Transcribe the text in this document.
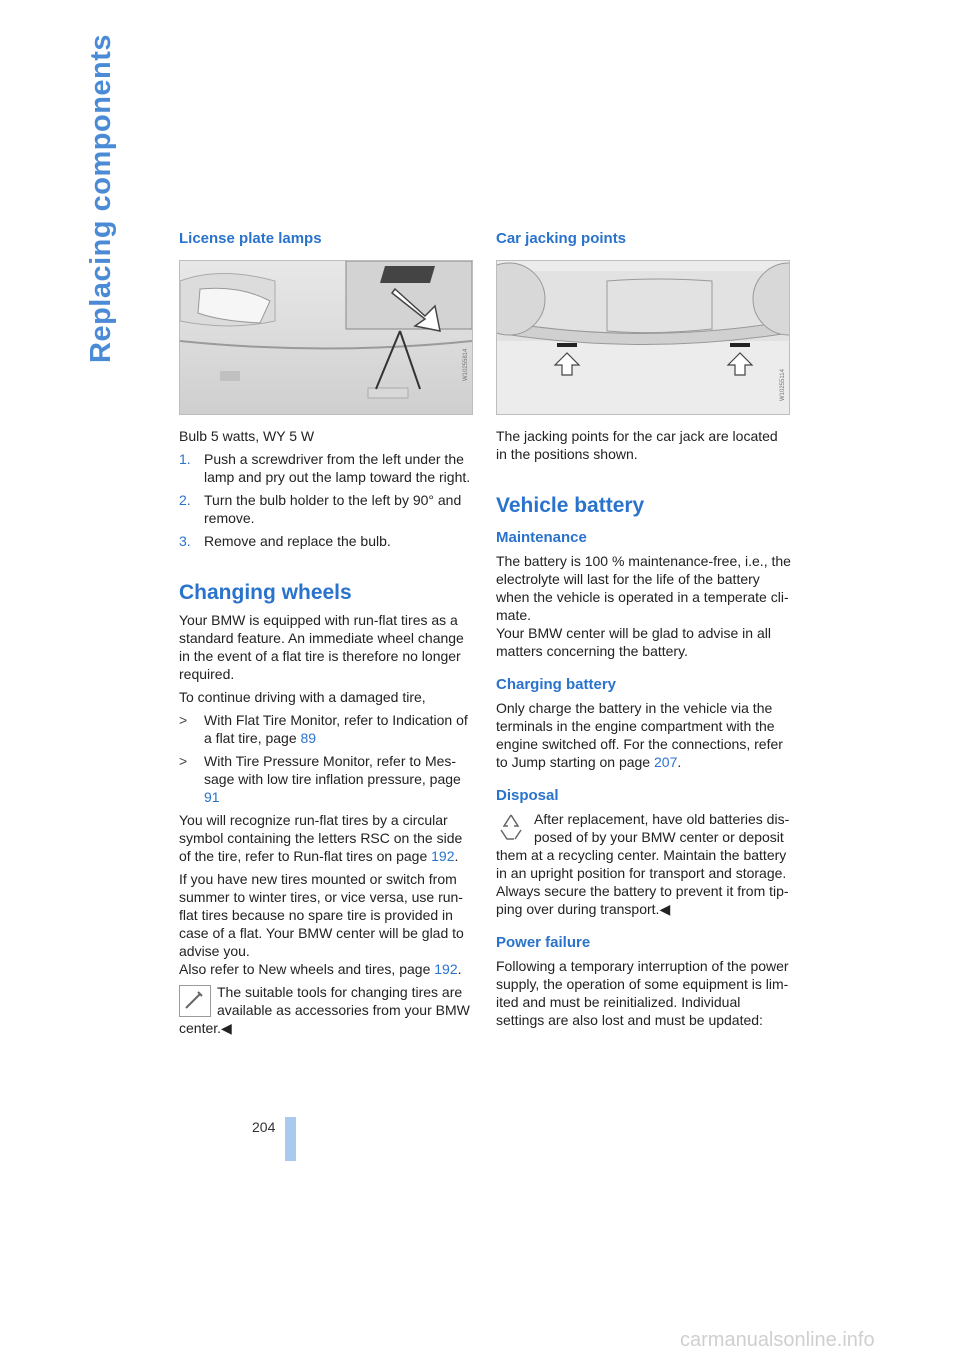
Replacing components	License plate lamps
W10255814

Bulb 5 watts, WY 5 W

1. Push a screwdriver from the left under the lamp and pry out the lamp toward the right.
2. Turn the bulb holder to the left by 90° and remove.
3. Remove and replace the bulb.
Changing wheels

Your BMW is equipped with run-flat tires as a standard feature. An immediate wheel change in the event of a flat tire is therefore no longer required.

To continue driving with a damaged tire,

> With Flat Tire Monitor, refer to Indication of a flat tire, page 89
> With Tire Pressure Monitor, refer to Message with low tire inflation pressure, page 91

You will recognize run-flat tires by a circular symbol containing the letters RSC on the side of the tire, refer to Run-flat tires on page 192.

If you have new tires mounted or switch from summer to winter tires, or vice versa, use run-flat tires because no spare tire is provided in case of a flat. Your BMW center will be glad to advise you.

Also refer to New wheels and tires, page 192.

The suitable tools for changing tires are available as accessories from your BMW center.◀
Car jacking points
W10255114

The jacking points for the car jack are located in the positions shown.

Vehicle battery
Maintenance

The battery is 100 % maintenance-free, i.e., the electrolyte will last for the life of the battery when the vehicle is operated in a temperate climate.

Your BMW center will be glad to advise in all matters concerning the battery.

Charging battery

Only charge the battery in the vehicle via the terminals in the engine compartment with the engine switched off. For the connections, refer to Jump starting on page 207.

Disposal
After replacement, have old batteries disposed of by your BMW center or deposit them at a recycling center. Maintain the battery in an upright position for transport and storage. Always secure the battery to prevent it from tipping over during transport.◀
Power failure

Following a temporary interruption of the power supply, the operation of some equipment is limited and must be reinitialized. Individual settings are also lost and must be updated:

204
carmanualsonline.info
